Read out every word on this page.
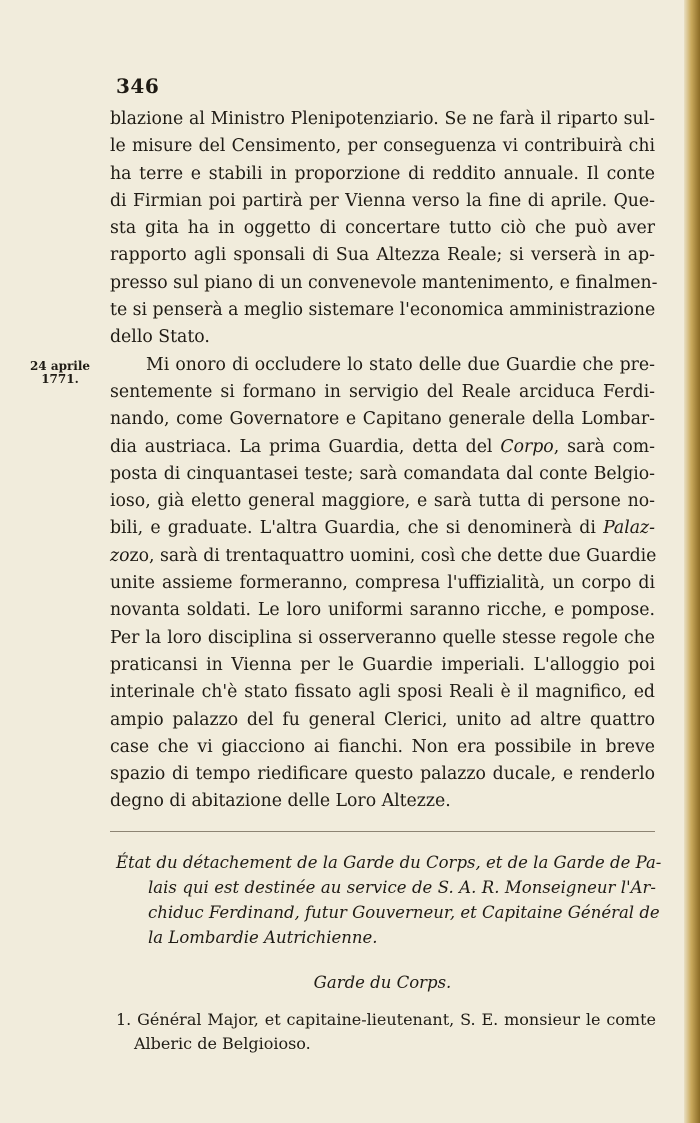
346
24 aprile
1771.
blazione al Ministro Plenipotenziario. Se ne farà il riparto sul-
le misure del Censimento, per conseguenza vi contribuirà chi
ha terre e stabili in proporzione di reddito annuale. Il conte
di Firmian poi partirà per Vienna verso la fine di aprile. Que-
sta gita ha in oggetto di concertare tutto ciò che può aver
rapporto agli sponsali di Sua Altezza Reale; si verserà in ap-
presso sul piano di un convenevole mantenimento, e finalmen-
te si penserà a meglio sistemare l'economica amministrazione
dello Stato.
Mi onoro di occludere lo stato delle due Guardie che pre-
sentemente si formano in servigio del Reale arciduca Ferdi-
nando, come Governatore e Capitano generale della Lombar-
dia austriaca. La prima Guardia, detta del Corpo, sarà com-
posta di cinquantasei teste; sarà comandata dal conte Belgio-
ioso, già eletto general maggiore, e sarà tutta di persone no-
bili, e graduate. L'altra Guardia, che si denominerà di Palaz-
zozo, sarà di trentaquattro uomini, così che dette due Guardie
unite assieme formeranno, compresa l'uffizialità, un corpo di
novanta soldati. Le loro uniformi saranno ricche, e pompose.
Per la loro disciplina si osserveranno quelle stesse regole che
praticansi in Vienna per le Guardie imperiali. L'alloggio poi
interinale ch'è stato fissato agli sposi Reali è il magnifico, ed
ampio palazzo del fu general Clerici, unito ad altre quattro
case che vi giacciono ai fianchi. Non era possibile in breve
spazio di tempo riedificare questo palazzo ducale, e renderlo
degno di abitazione delle Loro Altezze.
État du détachement de la Garde du Corps, et de la Garde de Pa-
lais qui est destinée au service de S. A. R. Monseigneur l'Ar-
chiduc Ferdinand, futur Gouverneur, et Capitaine Général de
la Lombardie Autrichienne.
Garde du Corps.
1. Général Major, et capitaine-lieutenant, S. E. monsieur le comte
Alberic de Belgioioso.
